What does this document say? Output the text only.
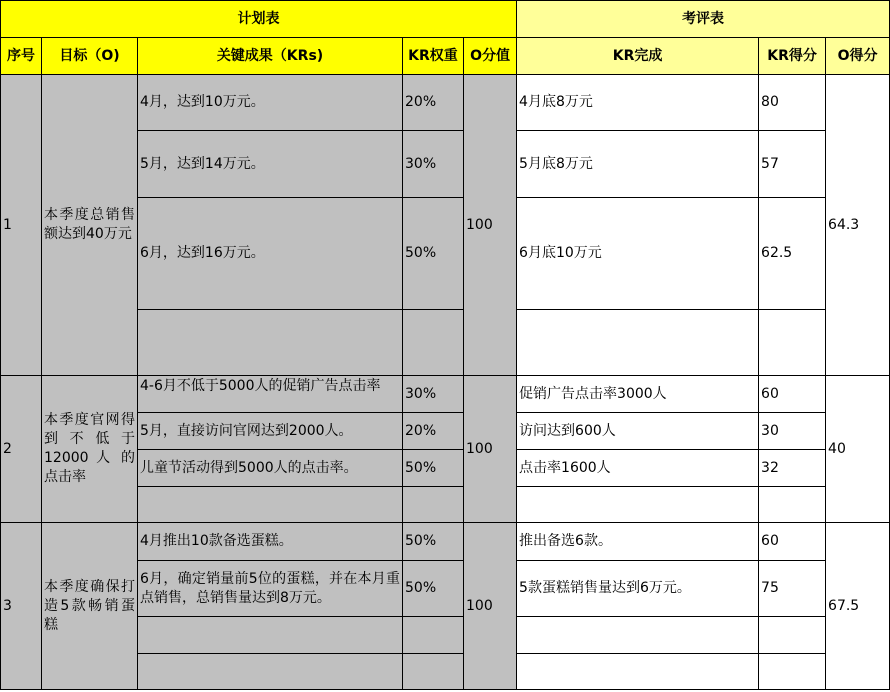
计划表					考评表		
序号	目标（O)	关键成果（KRs)	KR权重	O分值	KR完成	KR得分	O得分
1	本季度总销售额达到40万元	4月，达到10万元。	20%	100	4月底8万元	80	64.3
		5月，达到14万元。	30%		5月底8万元	57	
		6月，达到16万元。	50%		6月底10万元	62.5	

2	本季度官网得到不低于12000 人 的点击率	4-6月不低于5000人的促销广告点击率	30%	100	促销广告点击率3000人	60	40
		5月，直接访问官网达到2000人。	20%		访问达到600人	30	
		儿童节活动得到5000人的点击率。	50%		点击率1600人	32	

3	本季度确保打造5款畅销蛋糕	4月推出10款备选蛋糕。	50%	100	推出备选6款。	60	67.5
		6月，确定销量前5位的蛋糕，并在本月重点销售，总销售量达到8万元。	50%		5款蛋糕销售量达到6万元。	75	
